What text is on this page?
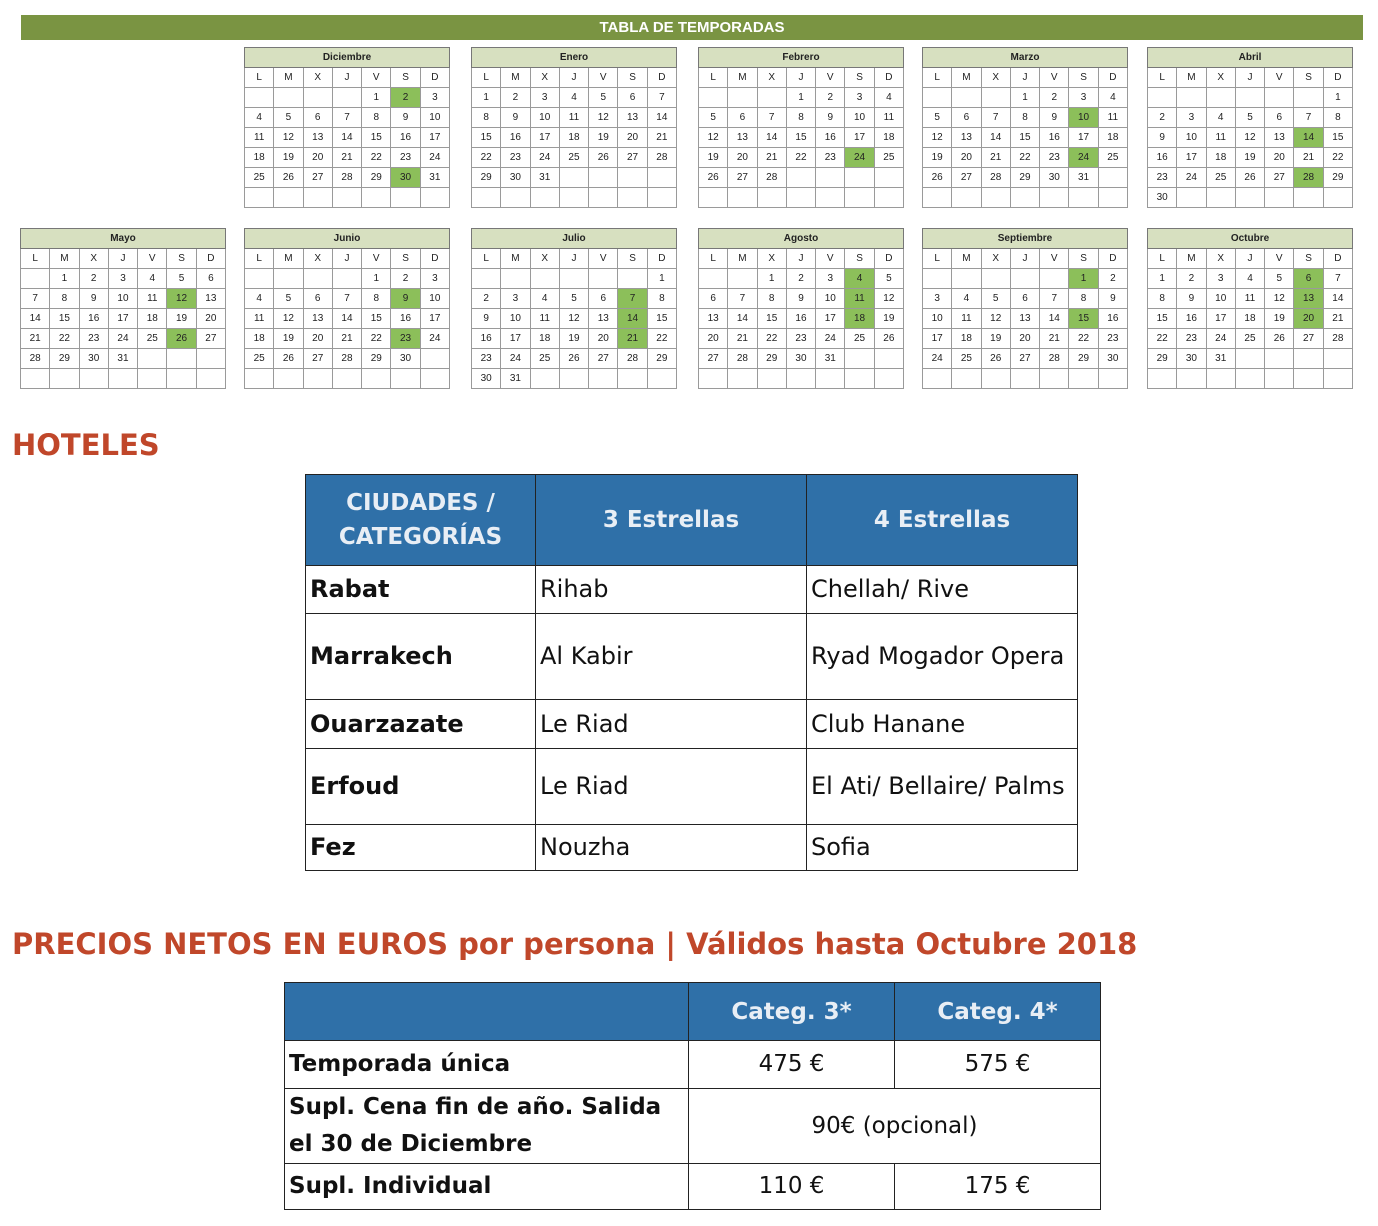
TABLA DE TEMPORADAS
Diciembre						
L	M	X	J	V	S	D
				1	2	3
4	5	6	7	8	9	10
11	12	13	14	15	16	17
18	19	20	21	22	23	24
25	26	27	28	29	30	31

Enero						
L	M	X	J	V	S	D
1	2	3	4	5	6	7
8	9	10	11	12	13	14
15	16	17	18	19	20	21
22	23	24	25	26	27	28
29	30	31				

Febrero						
L	M	X	J	V	S	D
			1	2	3	4
5	6	7	8	9	10	11
12	13	14	15	16	17	18
19	20	21	22	23	24	25
26	27	28				

Marzo						
L	M	X	J	V	S	D
			1	2	3	4
5	6	7	8	9	10	11
12	13	14	15	16	17	18
19	20	21	22	23	24	25
26	27	28	29	30	31	

Abril						
L	M	X	J	V	S	D
						1
2	3	4	5	6	7	8
9	10	11	12	13	14	15
16	17	18	19	20	21	22
23	24	25	26	27	28	29
30						
Mayo						
L	M	X	J	V	S	D
	1	2	3	4	5	6
7	8	9	10	11	12	13
14	15	16	17	18	19	20
21	22	23	24	25	26	27
28	29	30	31			

Junio						
L	M	X	J	V	S	D
				1	2	3
4	5	6	7	8	9	10
11	12	13	14	15	16	17
18	19	20	21	22	23	24
25	26	27	28	29	30	

Julio						
L	M	X	J	V	S	D
						1
2	3	4	5	6	7	8
9	10	11	12	13	14	15
16	17	18	19	20	21	22
23	24	25	26	27	28	29
30	31					
Agosto						
L	M	X	J	V	S	D
		1	2	3	4	5
6	7	8	9	10	11	12
13	14	15	16	17	18	19
20	21	22	23	24	25	26
27	28	29	30	31		

Septiembre						
L	M	X	J	V	S	D
					1	2
3	4	5	6	7	8	9
10	11	12	13	14	15	16
17	18	19	20	21	22	23
24	25	26	27	28	29	30

Octubre						
L	M	X	J	V	S	D
1	2	3	4	5	6	7
8	9	10	11	12	13	14
15	16	17	18	19	20	21
22	23	24	25	26	27	28
29	30	31				

HOTELES
CIUDADES / CATEGORÍAS	3 Estrellas	4 Estrellas
Rabat	Rihab	Chellah/ Rive
Marrakech	Al Kabir	Ryad Mogador Opera
Ouarzazate	Le Riad	Club Hanane
Erfoud	Le Riad	El Ati/ Bellaire/ Palms
Fez	Nouzha	Sofia
PRECIOS NETOS EN EUROS por persona | Válidos hasta Octubre 2018
	Categ. 3*	Categ. 4*
Temporada única	475 €	575 €
Supl. Cena fin de año. Salida el 30 de Diciembre	90€ (opcional)	
Supl. Individual	110 €	175 €
